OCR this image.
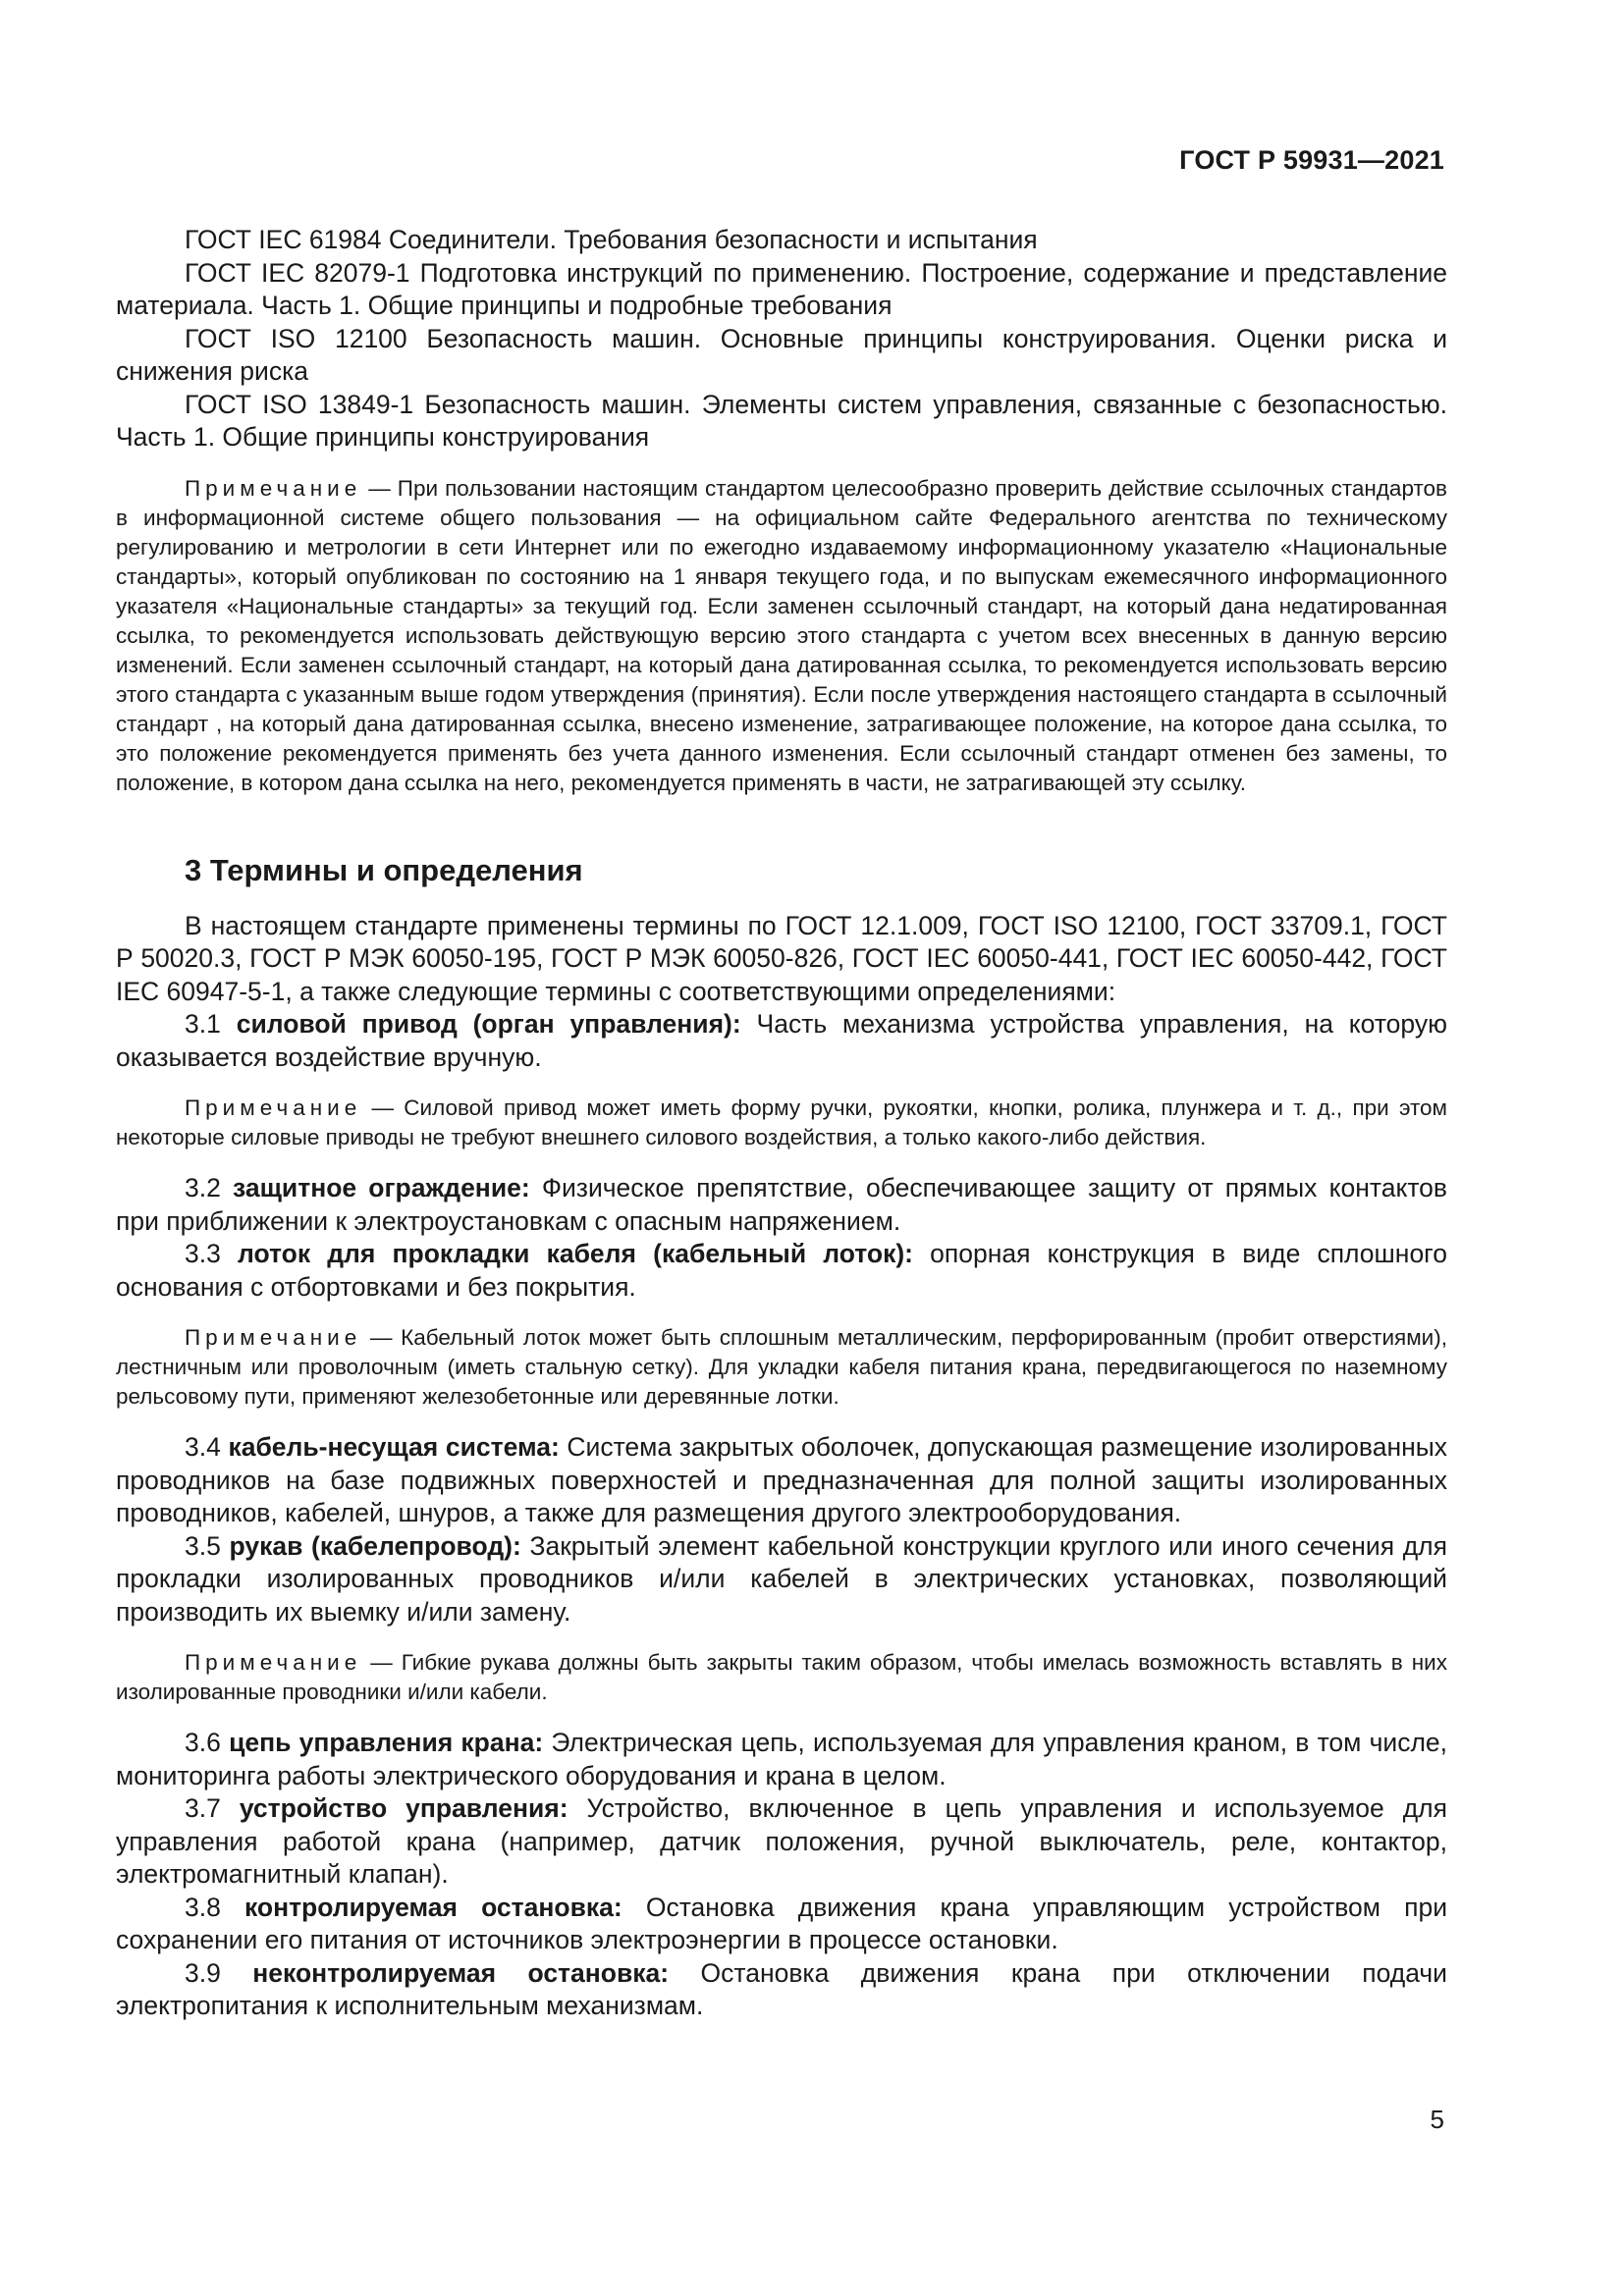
ГОСТ Р 59931—2021

ГОСТ IEC 61984 Соединители. Требования безопасности и испытания

ГОСТ IEC 82079-1 Подготовка инструкций по применению. Построение, содержание и представление материала. Часть 1. Общие принципы и подробные требования

ГОСТ ISO 12100 Безопасность машин. Основные принципы конструирования. Оценки риска и снижения риска

ГОСТ ISO 13849-1 Безопасность машин. Элементы систем управления, связанные с безопасностью. Часть 1. Общие принципы конструирования

Примечание — При пользовании настоящим стандартом целесообразно проверить действие ссылочных стандартов в информационной системе общего пользования — на официальном сайте Федерального агентства по техническому регулированию и метрологии в сети Интернет или по ежегодно издаваемому информационному указателю «Национальные стандарты», который опубликован по состоянию на 1 января текущего года, и по выпускам ежемесячного информационного указателя «Национальные стандарты» за текущий год. Если заменен ссылочный стандарт, на который дана недатированная ссылка, то рекомендуется использовать действующую версию этого стандарта с учетом всех внесенных в данную версию изменений. Если заменен ссылочный стандарт, на который дана датированная ссылка, то рекомендуется использовать версию этого стандарта с указанным выше годом утверждения (принятия). Если после утверждения настоящего стандарта в ссылочный стандарт , на который дана датированная ссылка, внесено изменение, затрагивающее положение, на которое дана ссылка, то это положение рекомендуется применять без учета данного изменения. Если ссылочный стандарт отменен без замены, то положение, в котором дана ссылка на него, рекомендуется применять в части, не затрагивающей эту ссылку.

3 Термины и определения

В настоящем стандарте применены термины по ГОСТ 12.1.009, ГОСТ ISO 12100, ГОСТ 33709.1, ГОСТ Р 50020.3, ГОСТ Р МЭК 60050-195, ГОСТ Р МЭК 60050-826, ГОСТ IEC 60050-441, ГОСТ IEC 60050-442, ГОСТ IEC 60947-5-1, а также следующие термины с соответствующими определениями:

3.1 силовой привод (орган управления): Часть механизма устройства управления, на которую оказывается воздействие вручную.

Примечание — Силовой привод может иметь форму ручки, рукоятки, кнопки, ролика, плунжера и т. д., при этом некоторые силовые приводы не требуют внешнего силового воздействия, а только какого-либо действия.

3.2 защитное ограждение: Физическое препятствие, обеспечивающее защиту от прямых контактов при приближении к электроустановкам с опасным напряжением.

3.3 лоток для прокладки кабеля (кабельный лоток): опорная конструкция в виде сплошного основания с отбортовками и без покрытия.

Примечание — Кабельный лоток может быть сплошным металлическим, перфорированным (пробит отверстиями), лестничным или проволочным (иметь стальную сетку). Для укладки кабеля питания крана, передвигающегося по наземному рельсовому пути, применяют железобетонные или деревянные лотки.

3.4 кабель-несущая система: Система закрытых оболочек, допускающая размещение изолированных проводников на базе подвижных поверхностей и предназначенная для полной защиты изолированных проводников, кабелей, шнуров, а также для размещения другого электрооборудования.

3.5 рукав (кабелепровод): Закрытый элемент кабельной конструкции круглого или иного сечения для прокладки изолированных проводников и/или кабелей в электрических установках, позволяющий производить их выемку и/или замену.

Примечание — Гибкие рукава должны быть закрыты таким образом, чтобы имелась возможность вставлять в них изолированные проводники и/или кабели.

3.6 цепь управления крана: Электрическая цепь, используемая для управления краном, в том числе, мониторинга работы электрического оборудования и крана в целом.

3.7 устройство управления: Устройство, включенное в цепь управления и используемое для управления работой крана (например, датчик положения, ручной выключатель, реле, контактор, электромагнитный клапан).

3.8 контролируемая остановка: Остановка движения крана управляющим устройством при сохранении его питания от источников электроэнергии в процессе остановки.

3.9 неконтролируемая остановка: Остановка движения крана при отключении подачи электропитания к исполнительным механизмам.

5
